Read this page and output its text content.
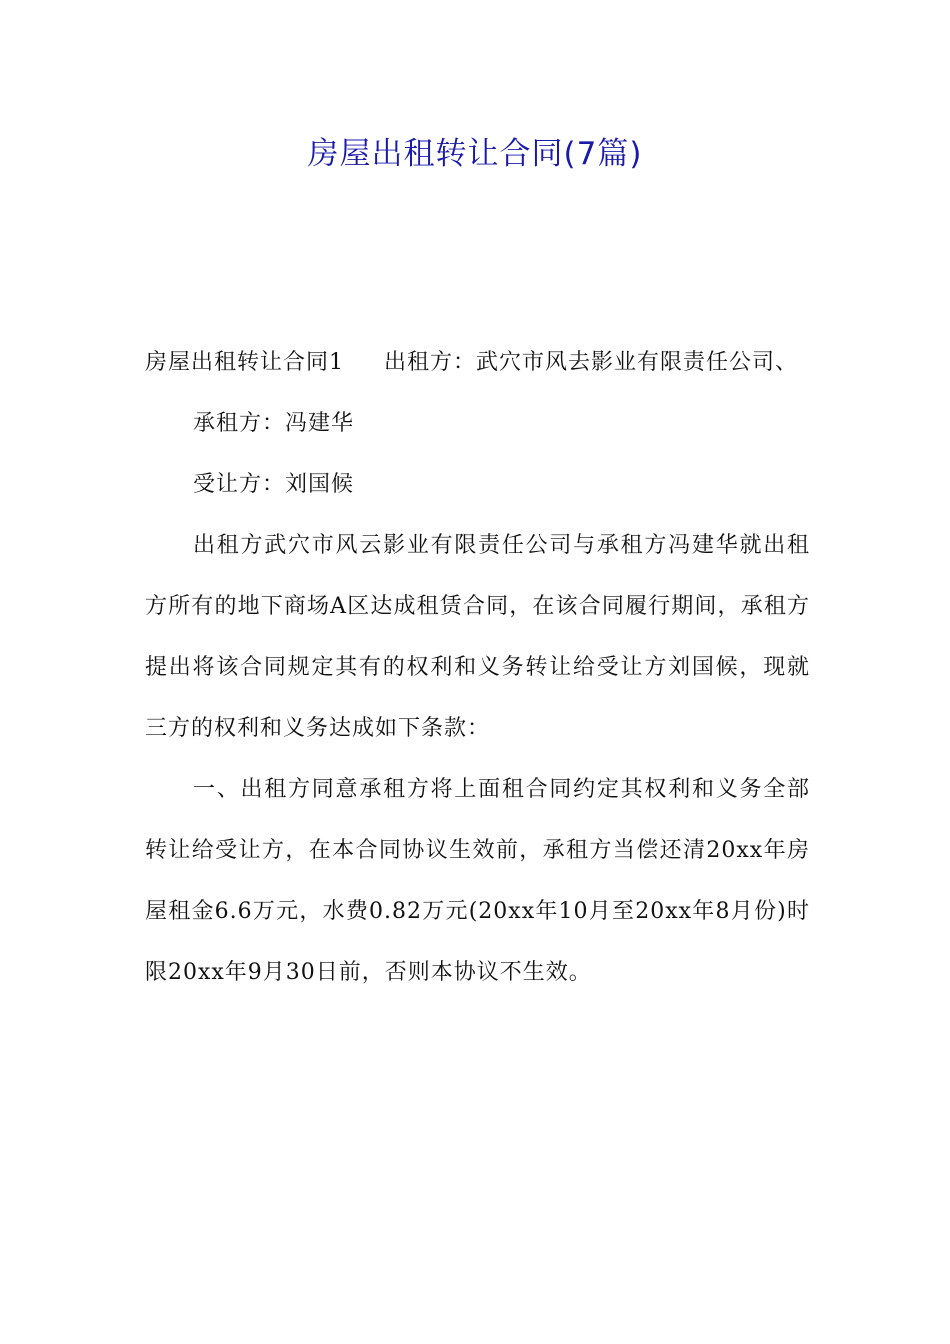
房屋出租转让合同(7篇)

房屋出租转让合同1 出租方：武穴市风去影业有限责任公司、

承租方：冯建华

受让方：刘国候

出租方武穴市风云影业有限责任公司与承租方冯建华就出租方所有的地下商场A区达成租赁合同，在该合同履行期间，承租方提出将该合同规定其有的权利和义务转让给受让方刘国候，现就三方的权利和义务达成如下条款：

一、出租方同意承租方将上面租合同约定其权利和义务全部转让给受让方，在本合同协议生效前，承租方当偿还清20xx年房屋租金6.6万元，水费0.82万元(20xx年10月至20xx年8月份)时限20xx年9月30日前，否则本协议不生效。
